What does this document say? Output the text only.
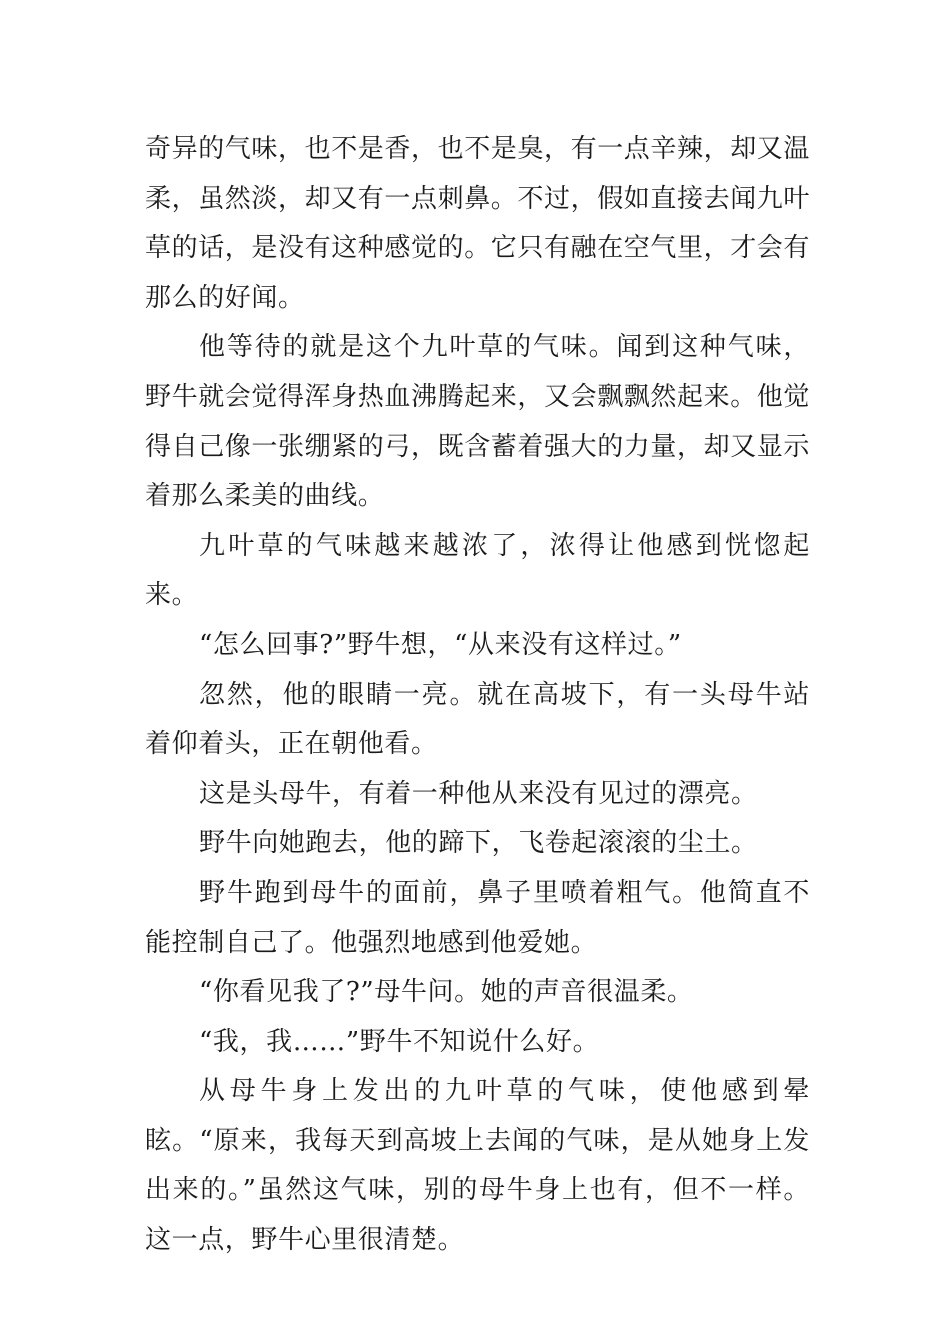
奇异的气味，也不是香，也不是臭，有一点辛辣，却又温柔，虽然淡，却又有一点刺鼻。不过，假如直接去闻九叶草的话，是没有这种感觉的。它只有融在空气里，才会有那么的好闻。

他等待的就是这个九叶草的气味。闻到这种气味，野牛就会觉得浑身热血沸腾起来，又会飘飘然起来。他觉得自己像一张绷紧的弓，既含蓄着强大的力量，却又显示着那么柔美的曲线。

九叶草的气味越来越浓了，浓得让他感到恍惚起来。

“怎么回事?”野牛想，“从来没有这样过。”

忽然，他的眼睛一亮。就在高坡下，有一头母牛站着仰着头，正在朝他看。

这是头母牛，有着一种他从来没有见过的漂亮。

野牛向她跑去，他的蹄下，飞卷起滚滚的尘土。

野牛跑到母牛的面前，鼻子里喷着粗气。他简直不能控制自己了。他强烈地感到他爱她。

“你看见我了?”母牛问。她的声音很温柔。

“我，我……”野牛不知说什么好。

从母牛身上发出的九叶草的气味，使他感到晕眩。“原来，我每天到高坡上去闻的气味，是从她身上发出来的。”虽然这气味，别的母牛身上也有，但不一样。这一点，野牛心里很清楚。
